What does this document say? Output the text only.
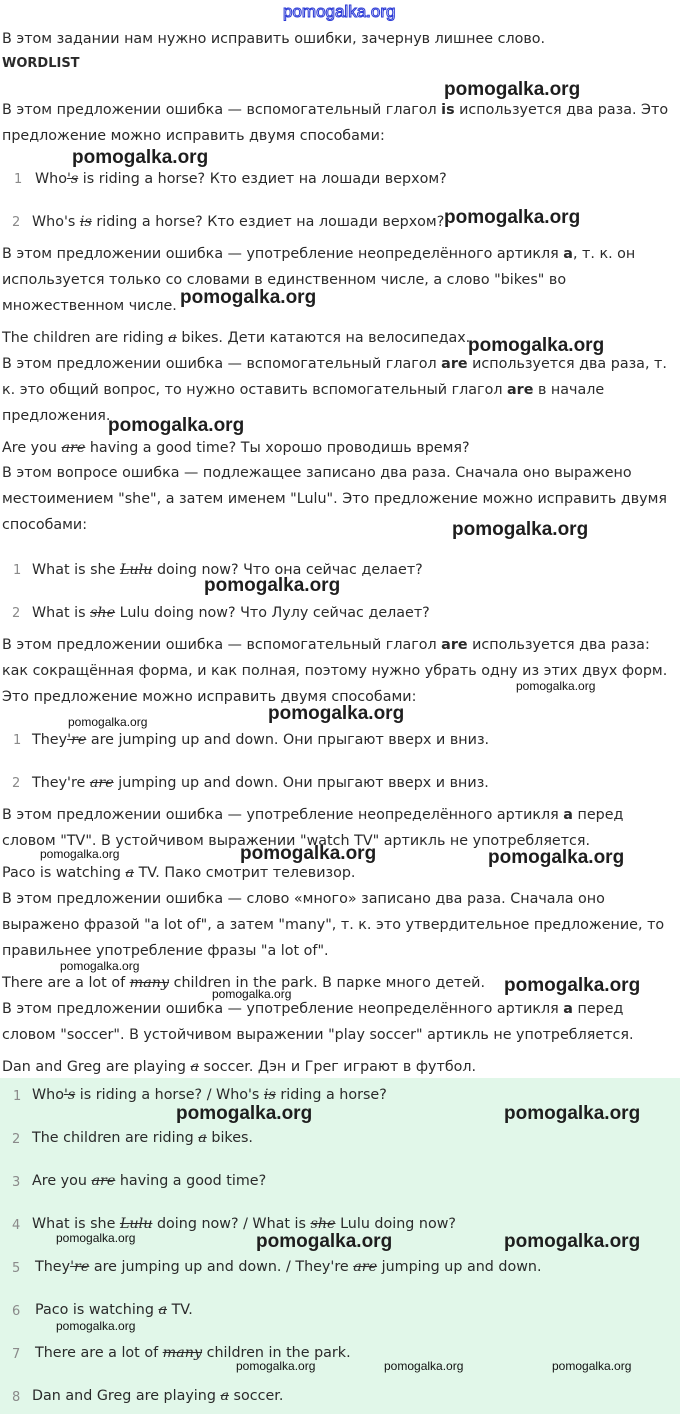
pomogalka.org
В этом задании нам нужно исправить ошибки, зачернув лишнее слово.
WORDLIST
В этом предложении ошибка — вспомогательный глагол is используется два раза. Это предложение можно исправить двумя способами:
1 Who's is riding a horse? Кто ездиет на лошади верхом?
2 Who's is riding a horse? Кто ездиет на лошади верхом?
В этом предложении ошибка — употребление неопределённого артикля a, т. к. он используется только со словами в единственном числе, а слово "bikes" во множественном числе.
The children are riding a bikes. Дети катаются на велосипедах.
В этом предложении ошибка — вспомогательный глагол are используется два раза, т. к. это общий вопрос, то нужно оставить вспомогательный глагол are в начале предложения.
Are you are having a good time? Ты хорошо проводишь время?
В этом вопросе ошибка — подлежащее записано два раза. Сначала оно выражено местоимением "she", а затем именем "Lulu". Это предложение можно исправить двумя способами:
1 What is she Lulu doing now? Что она сейчас делает?
2 What is she Lulu doing now? Что Лулу сейчас делает?
В этом предложении ошибка — вспомогательный глагол are используется два раза: как сокращённая форма, и как полная, поэтому нужно убрать одну из этих двух форм. Это предложение можно исправить двумя способами:
1 They're are jumping up and down. Они прыгают вверх и вниз.
2 They're are jumping up and down. Они прыгают вверх и вниз.
В этом предложении ошибка — употребление неопределённого артикля a перед словом "TV". В устойчивом выражении "watch TV" артикль не употребляется.
Paco is watching a TV. Пако смотрит телевизор.
В этом предложении ошибка — слово «много» записано два раза. Сначала оно выражено фразой "a lot of", а затем "many", т. к. это утвердительное предложение, то правильнее употребление фразы "a lot of".
There are a lot of many children in the park. В парке много детей.
В этом предложении ошибка — употребление неопределённого артикля a перед словом "soccer". В устойчивом выражении "play soccer" артикль не употребляется.
Dan and Greg are playing a soccer. Дэн и Грег играют в футбол.
1 Who's is riding a horse? / Who's is riding a horse?
2 The children are riding a bikes.
3 Are you are having a good time?
4 What is she Lulu doing now? / What is she Lulu doing now?
5 They're are jumping up and down. / They're are jumping up and down.
6 Paco is watching a TV.
7 There are a lot of many children in the park.
8 Dan and Greg are playing a soccer.
pomogalka.org
pomogalka.org
pomogalka.org
pomogalka.org
pomogalka.org
pomogalka.org
pomogalka.org
pomogalka.org
pomogalka.org
pomogalka.org
pomogalka.org
pomogalka.org	pomogalka.org	pomogalka.org
pomogalka.org
pomogalka.org
pomogalka.org
pomogalka.org	pomogalka.org
pomogalka.org	pomogalka.org	pomogalka.org
pomogalka.org
pomogalka.org	pomogalka.org	pomogalka.org
